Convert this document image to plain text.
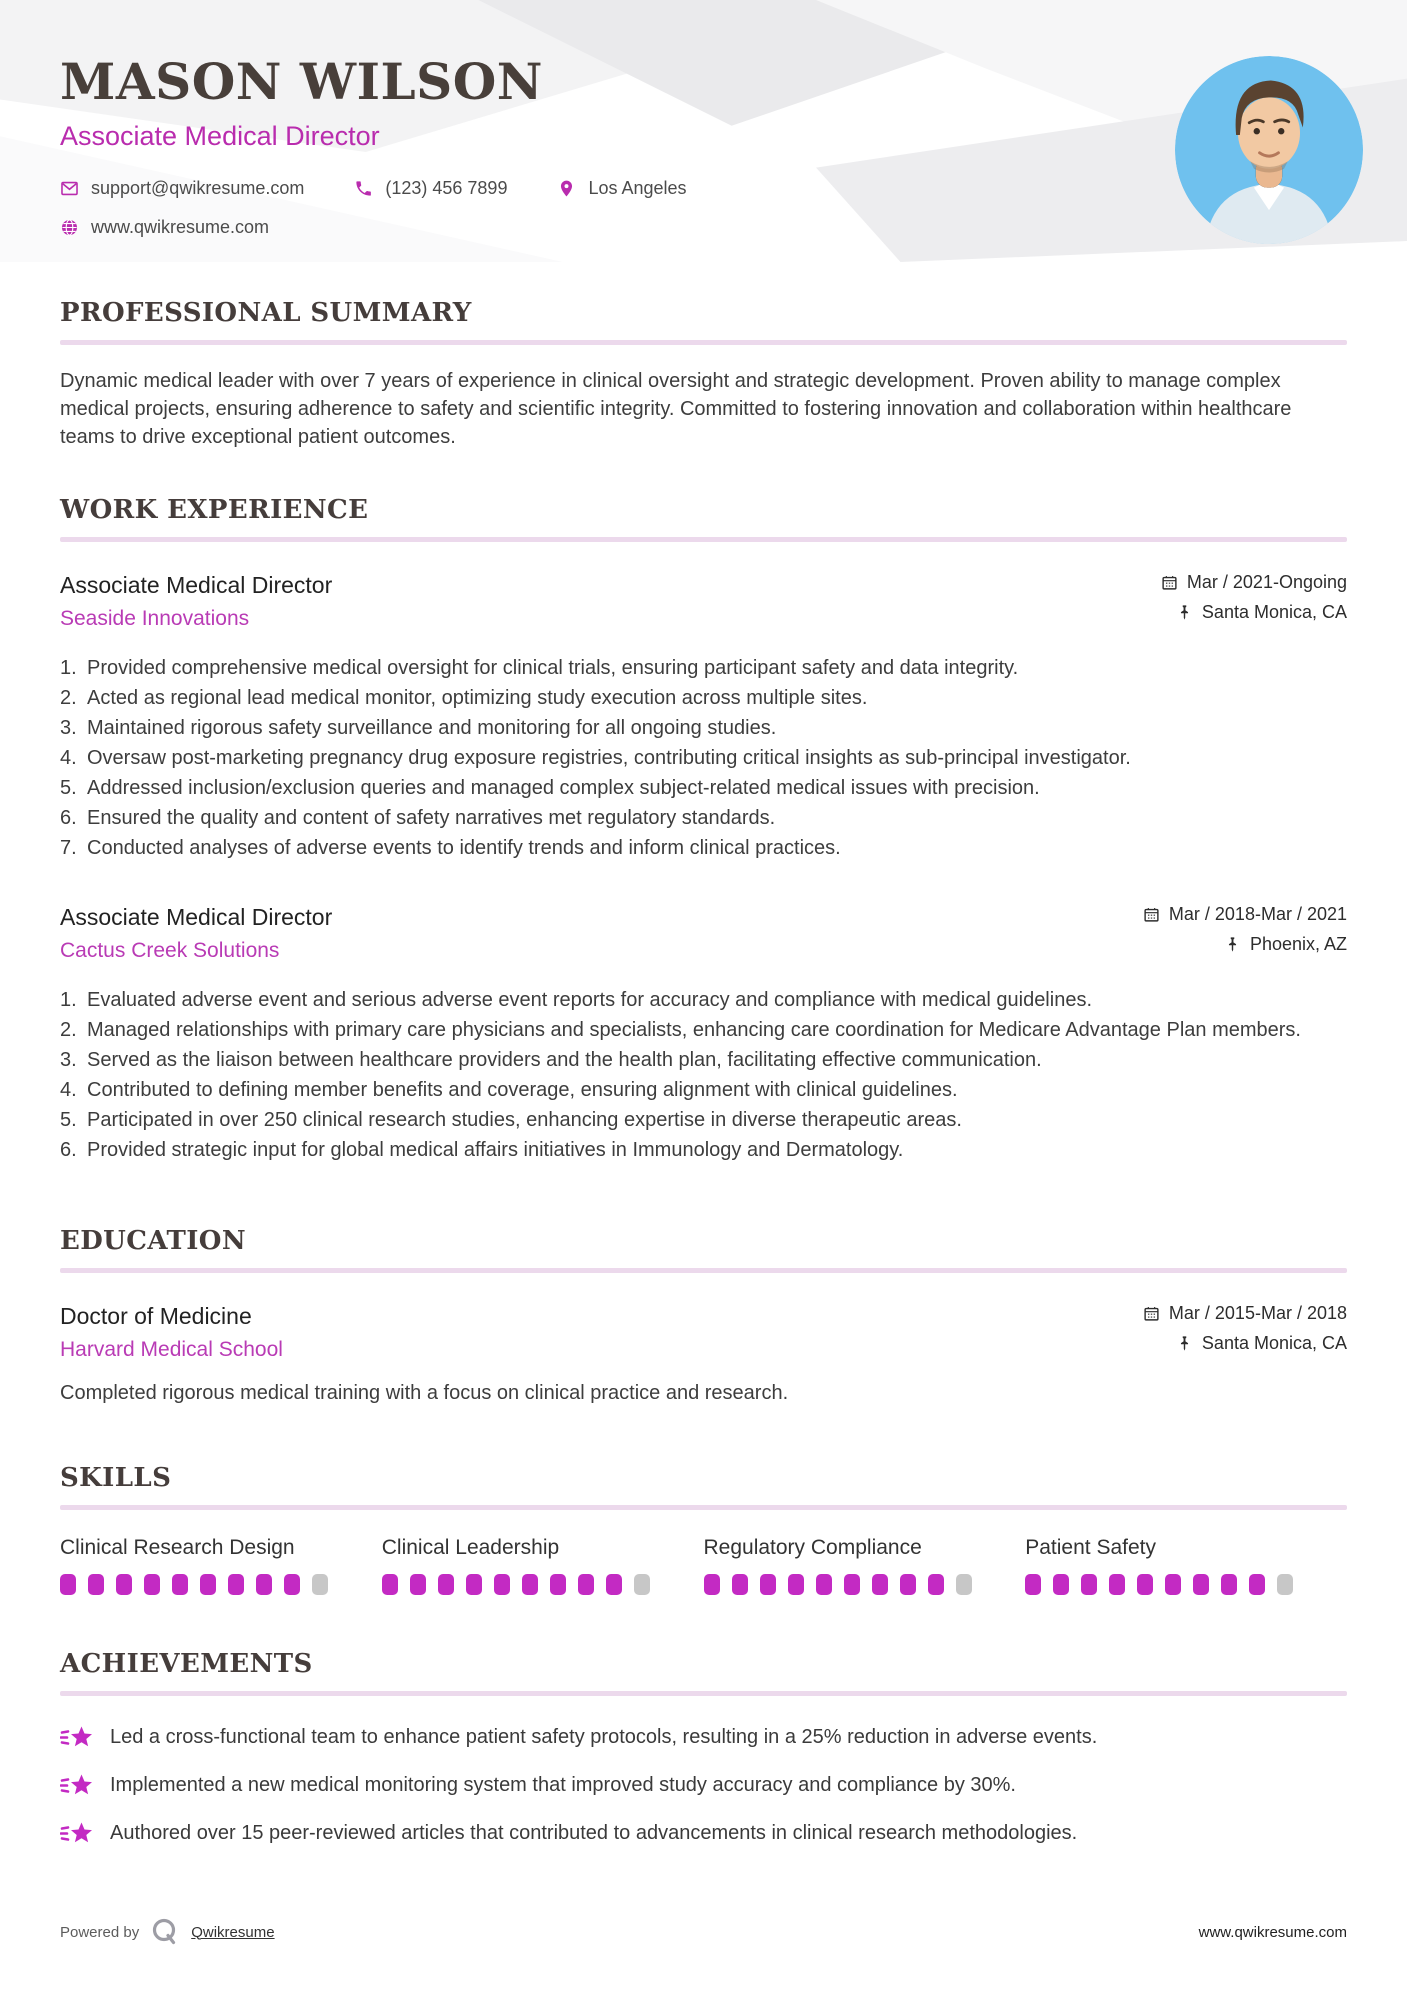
MASON WILSON
Associate Medical Director
support@qwikresume.com	(123) 456 7899	Los Angeles
www.qwikresume.com
PROFESSIONAL SUMMARY

Dynamic medical leader with over 7 years of experience in clinical oversight and strategic development. Proven ability to manage complex medical projects, ensuring adherence to safety and scientific integrity. Committed to fostering innovation and collaboration within healthcare teams to drive exceptional patient outcomes.

WORK EXPERIENCE
Associate Medical Director
Seaside Innovations
Mar / 2021-Ongoing
Santa Monica, CA
Provided comprehensive medical oversight for clinical trials, ensuring participant safety and data integrity.
Acted as regional lead medical monitor, optimizing study execution across multiple sites.
Maintained rigorous safety surveillance and monitoring for all ongoing studies.
Oversaw post-marketing pregnancy drug exposure registries, contributing critical insights as sub-principal investigator.
Addressed inclusion/exclusion queries and managed complex subject-related medical issues with precision.
Ensured the quality and content of safety narratives met regulatory standards.
Conducted analyses of adverse events to identify trends and inform clinical practices.
Associate Medical Director
Cactus Creek Solutions
Mar / 2018-Mar / 2021
Phoenix, AZ
Evaluated adverse event and serious adverse event reports for accuracy and compliance with medical guidelines.
Managed relationships with primary care physicians and specialists, enhancing care coordination for Medicare Advantage Plan members.
Served as the liaison between healthcare providers and the health plan, facilitating effective communication.
Contributed to defining member benefits and coverage, ensuring alignment with clinical guidelines.
Participated in over 250 clinical research studies, enhancing expertise in diverse therapeutic areas.
Provided strategic input for global medical affairs initiatives in Immunology and Dermatology.
EDUCATION
Doctor of Medicine
Harvard Medical School
Mar / 2015-Mar / 2018
Santa Monica, CA

Completed rigorous medical training with a focus on clinical practice and research.

SKILLS
Clinical Research Design	Clinical Leadership	Regulatory Compliance	Patient Safety
ACHIEVEMENTS
Led a cross-functional team to enhance patient safety protocols, resulting in a 25% reduction in adverse events.
Implemented a new medical monitoring system that improved study accuracy and compliance by 30%.
Authored over 15 peer-reviewed articles that contributed to advancements in clinical research methodologies.
Powered by	Qwikresume	www.qwikresume.com
